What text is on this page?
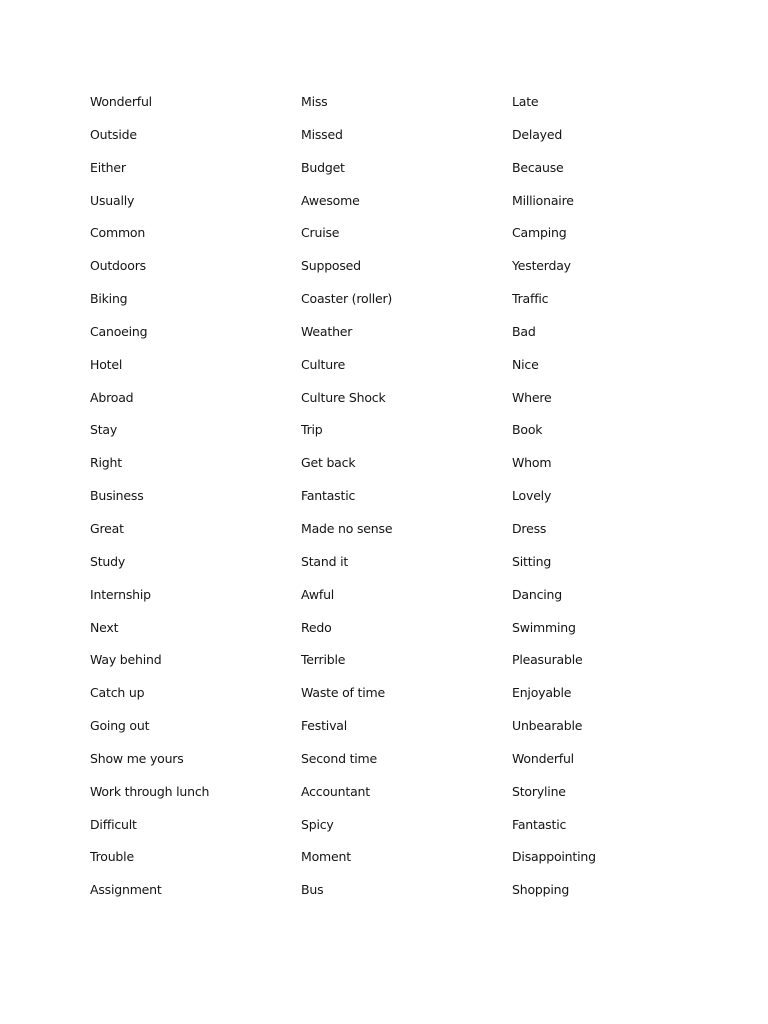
Wonderful
Outside
Either
Usually
Common
Outdoors
Biking
Canoeing
Hotel
Abroad
Stay
Right
Business
Great
Study
Internship
Next
Way behind
Catch up
Going out
Show me yours
Work through lunch
Difficult
Trouble
Assignment
Miss
Missed
Budget
Awesome
Cruise
Supposed
Coaster (roller)
Weather
Culture
Culture Shock
Trip
Get back
Fantastic
Made no sense
Stand it
Awful
Redo
Terrible
Waste of time
Festival
Second time
Accountant
Spicy
Moment
Bus
Late
Delayed
Because
Millionaire
Camping
Yesterday
Traffic
Bad
Nice
Where
Book
Whom
Lovely
Dress
Sitting
Dancing
Swimming
Pleasurable
Enjoyable
Unbearable
Wonderful
Storyline
Fantastic
Disappointing
Shopping
